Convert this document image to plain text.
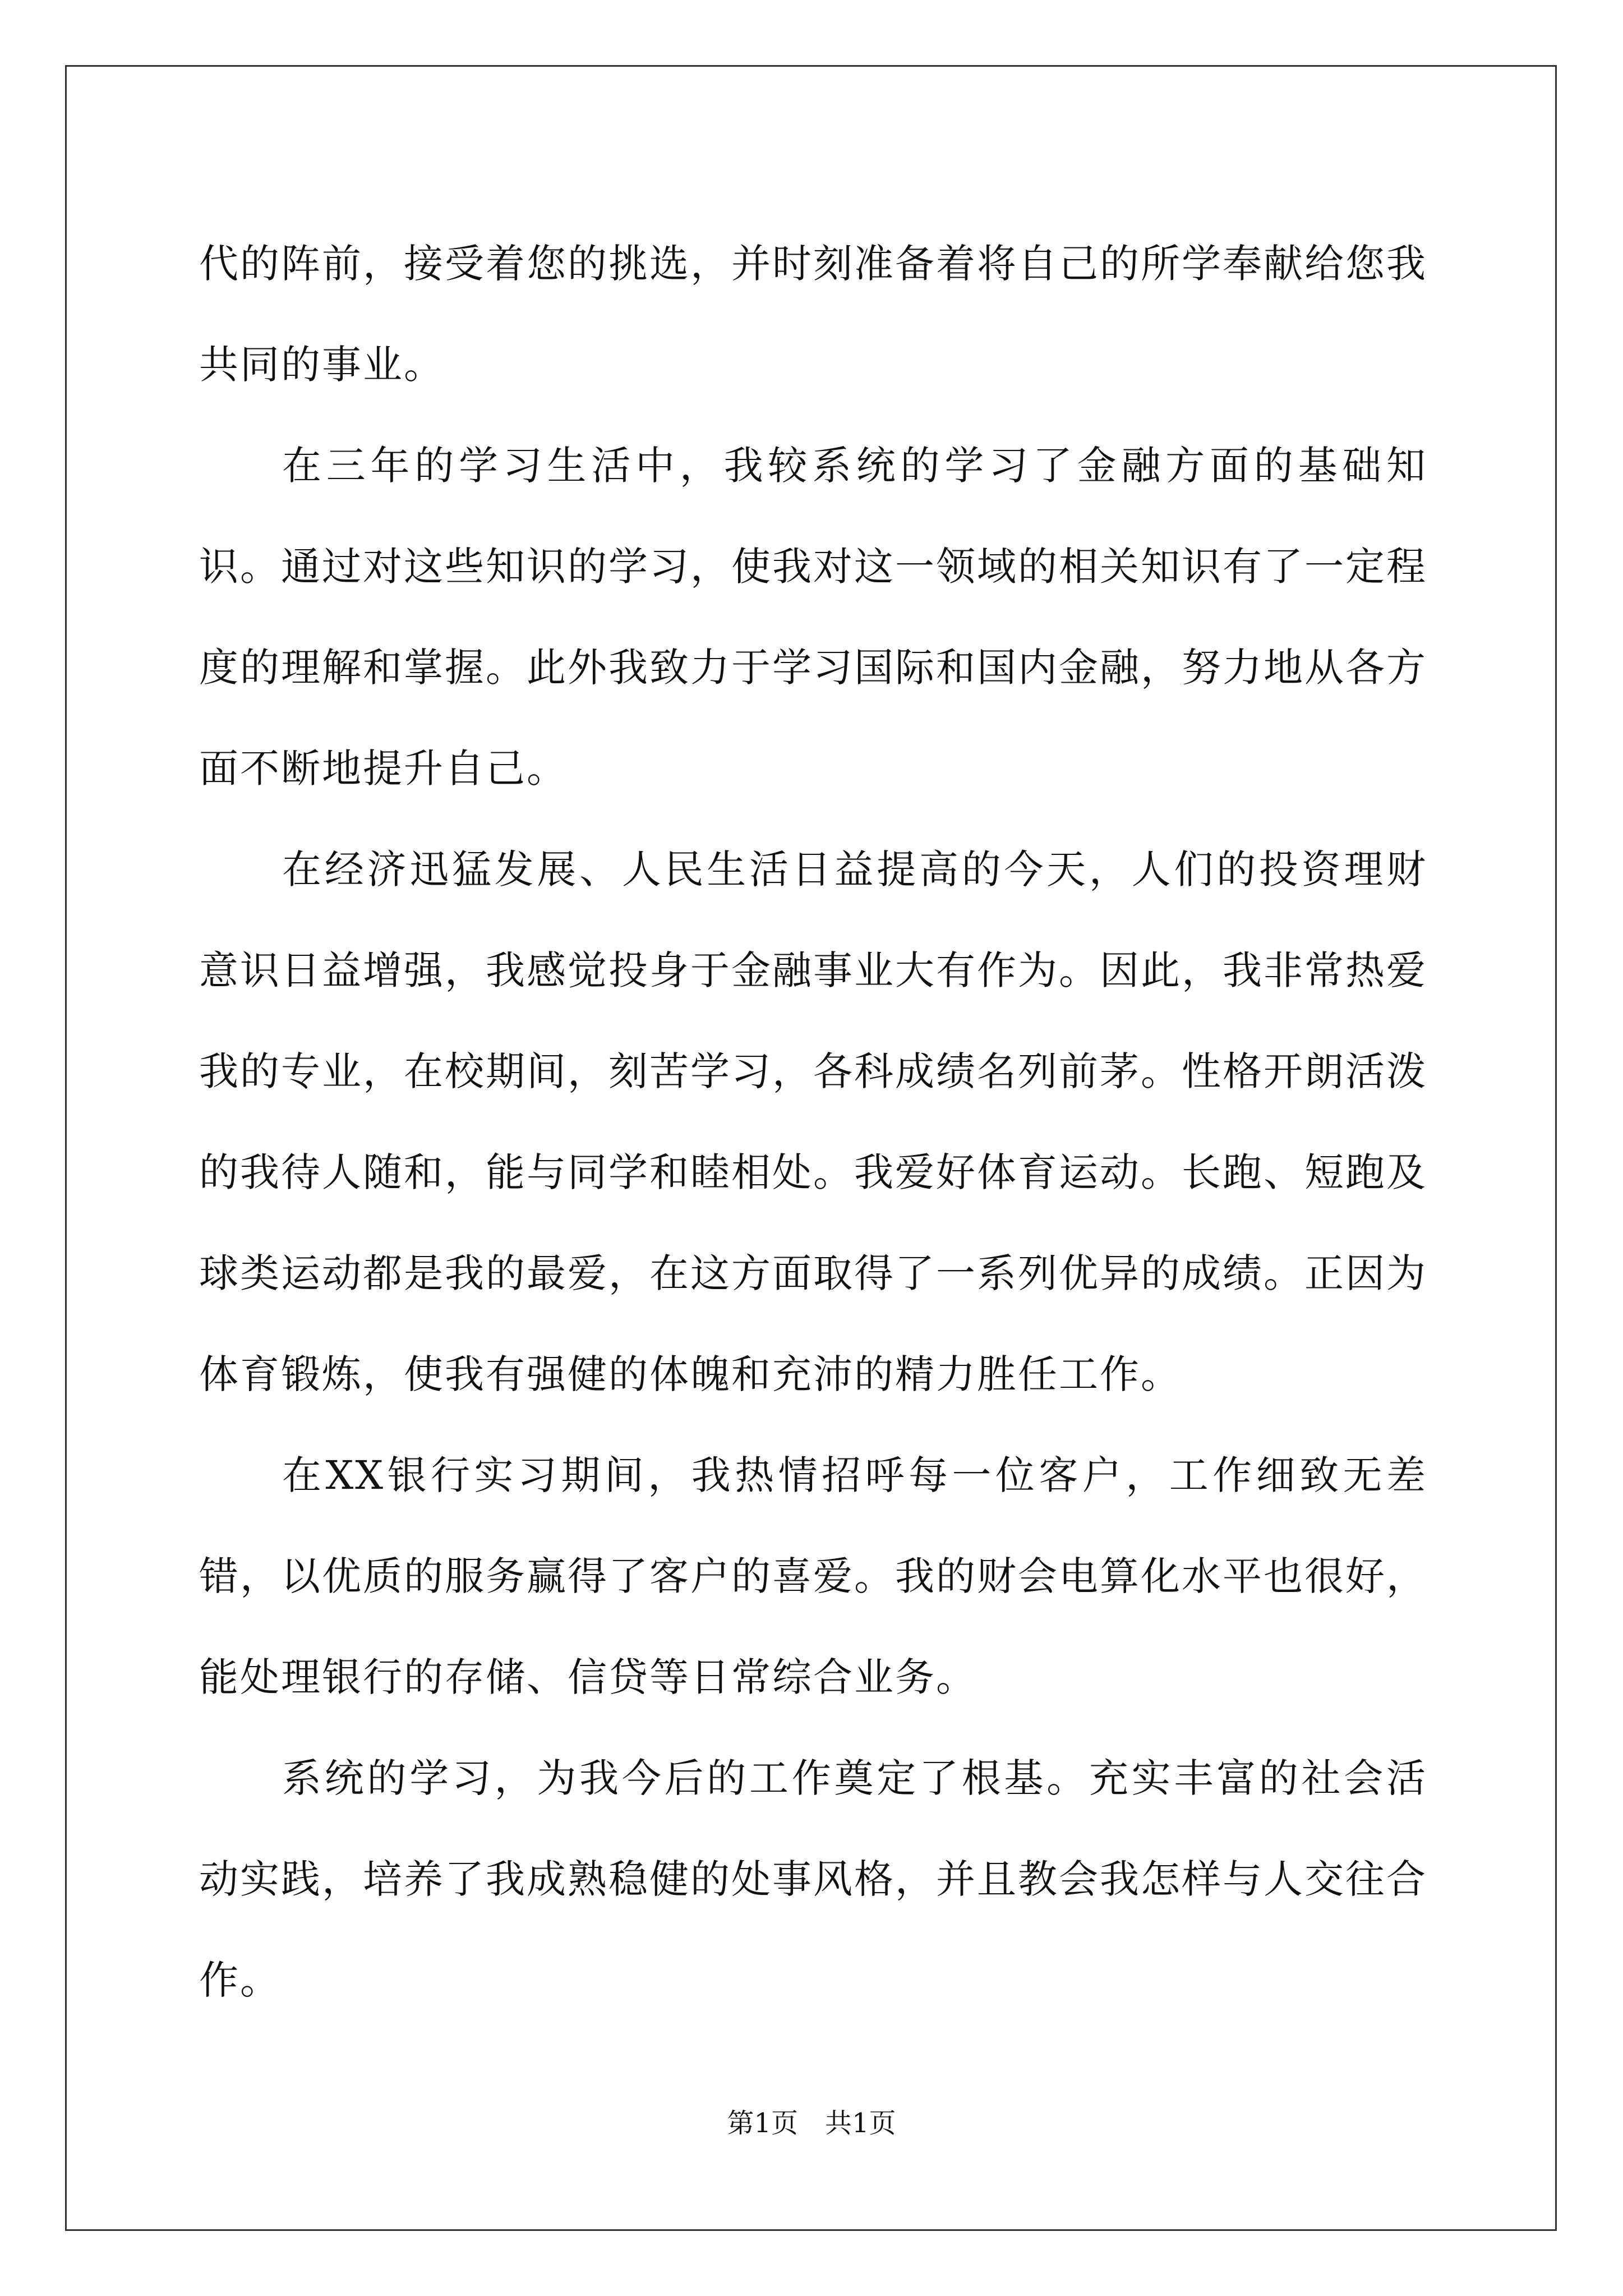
代的阵前，接受着您的挑选，并时刻准备着将自己的所学奉献给您我共同的事业。

在三年的学习生活中，我较系统的学习了金融方面的基础知识。通过对这些知识的学习，使我对这一领域的相关知识有了一定程度的理解和掌握。此外我致力于学习国际和国内金融，努力地从各方面不断地提升自己。

在经济迅猛发展、人民生活日益提高的今天，人们的投资理财意识日益增强，我感觉投身于金融事业大有作为。因此，我非常热爱我的专业，在校期间，刻苦学习，各科成绩名列前茅。性格开朗活泼的我待人随和，能与同学和睦相处。我爱好体育运动。长跑、短跑及球类运动都是我的最爱，在这方面取得了一系列优异的成绩。正因为体育锻炼，使我有强健的体魄和充沛的精力胜任工作。

在XX银行实习期间，我热情招呼每一位客户，工作细致无差错，以优质的服务赢得了客户的喜爱。我的财会电算化水平也很好，能处理银行的存储、信贷等日常综合业务。

系统的学习，为我今后的工作奠定了根基。充实丰富的社会活动实践，培养了我成熟稳健的处事风格，并且教会我怎样与人交往合作。

第1页　共1页
